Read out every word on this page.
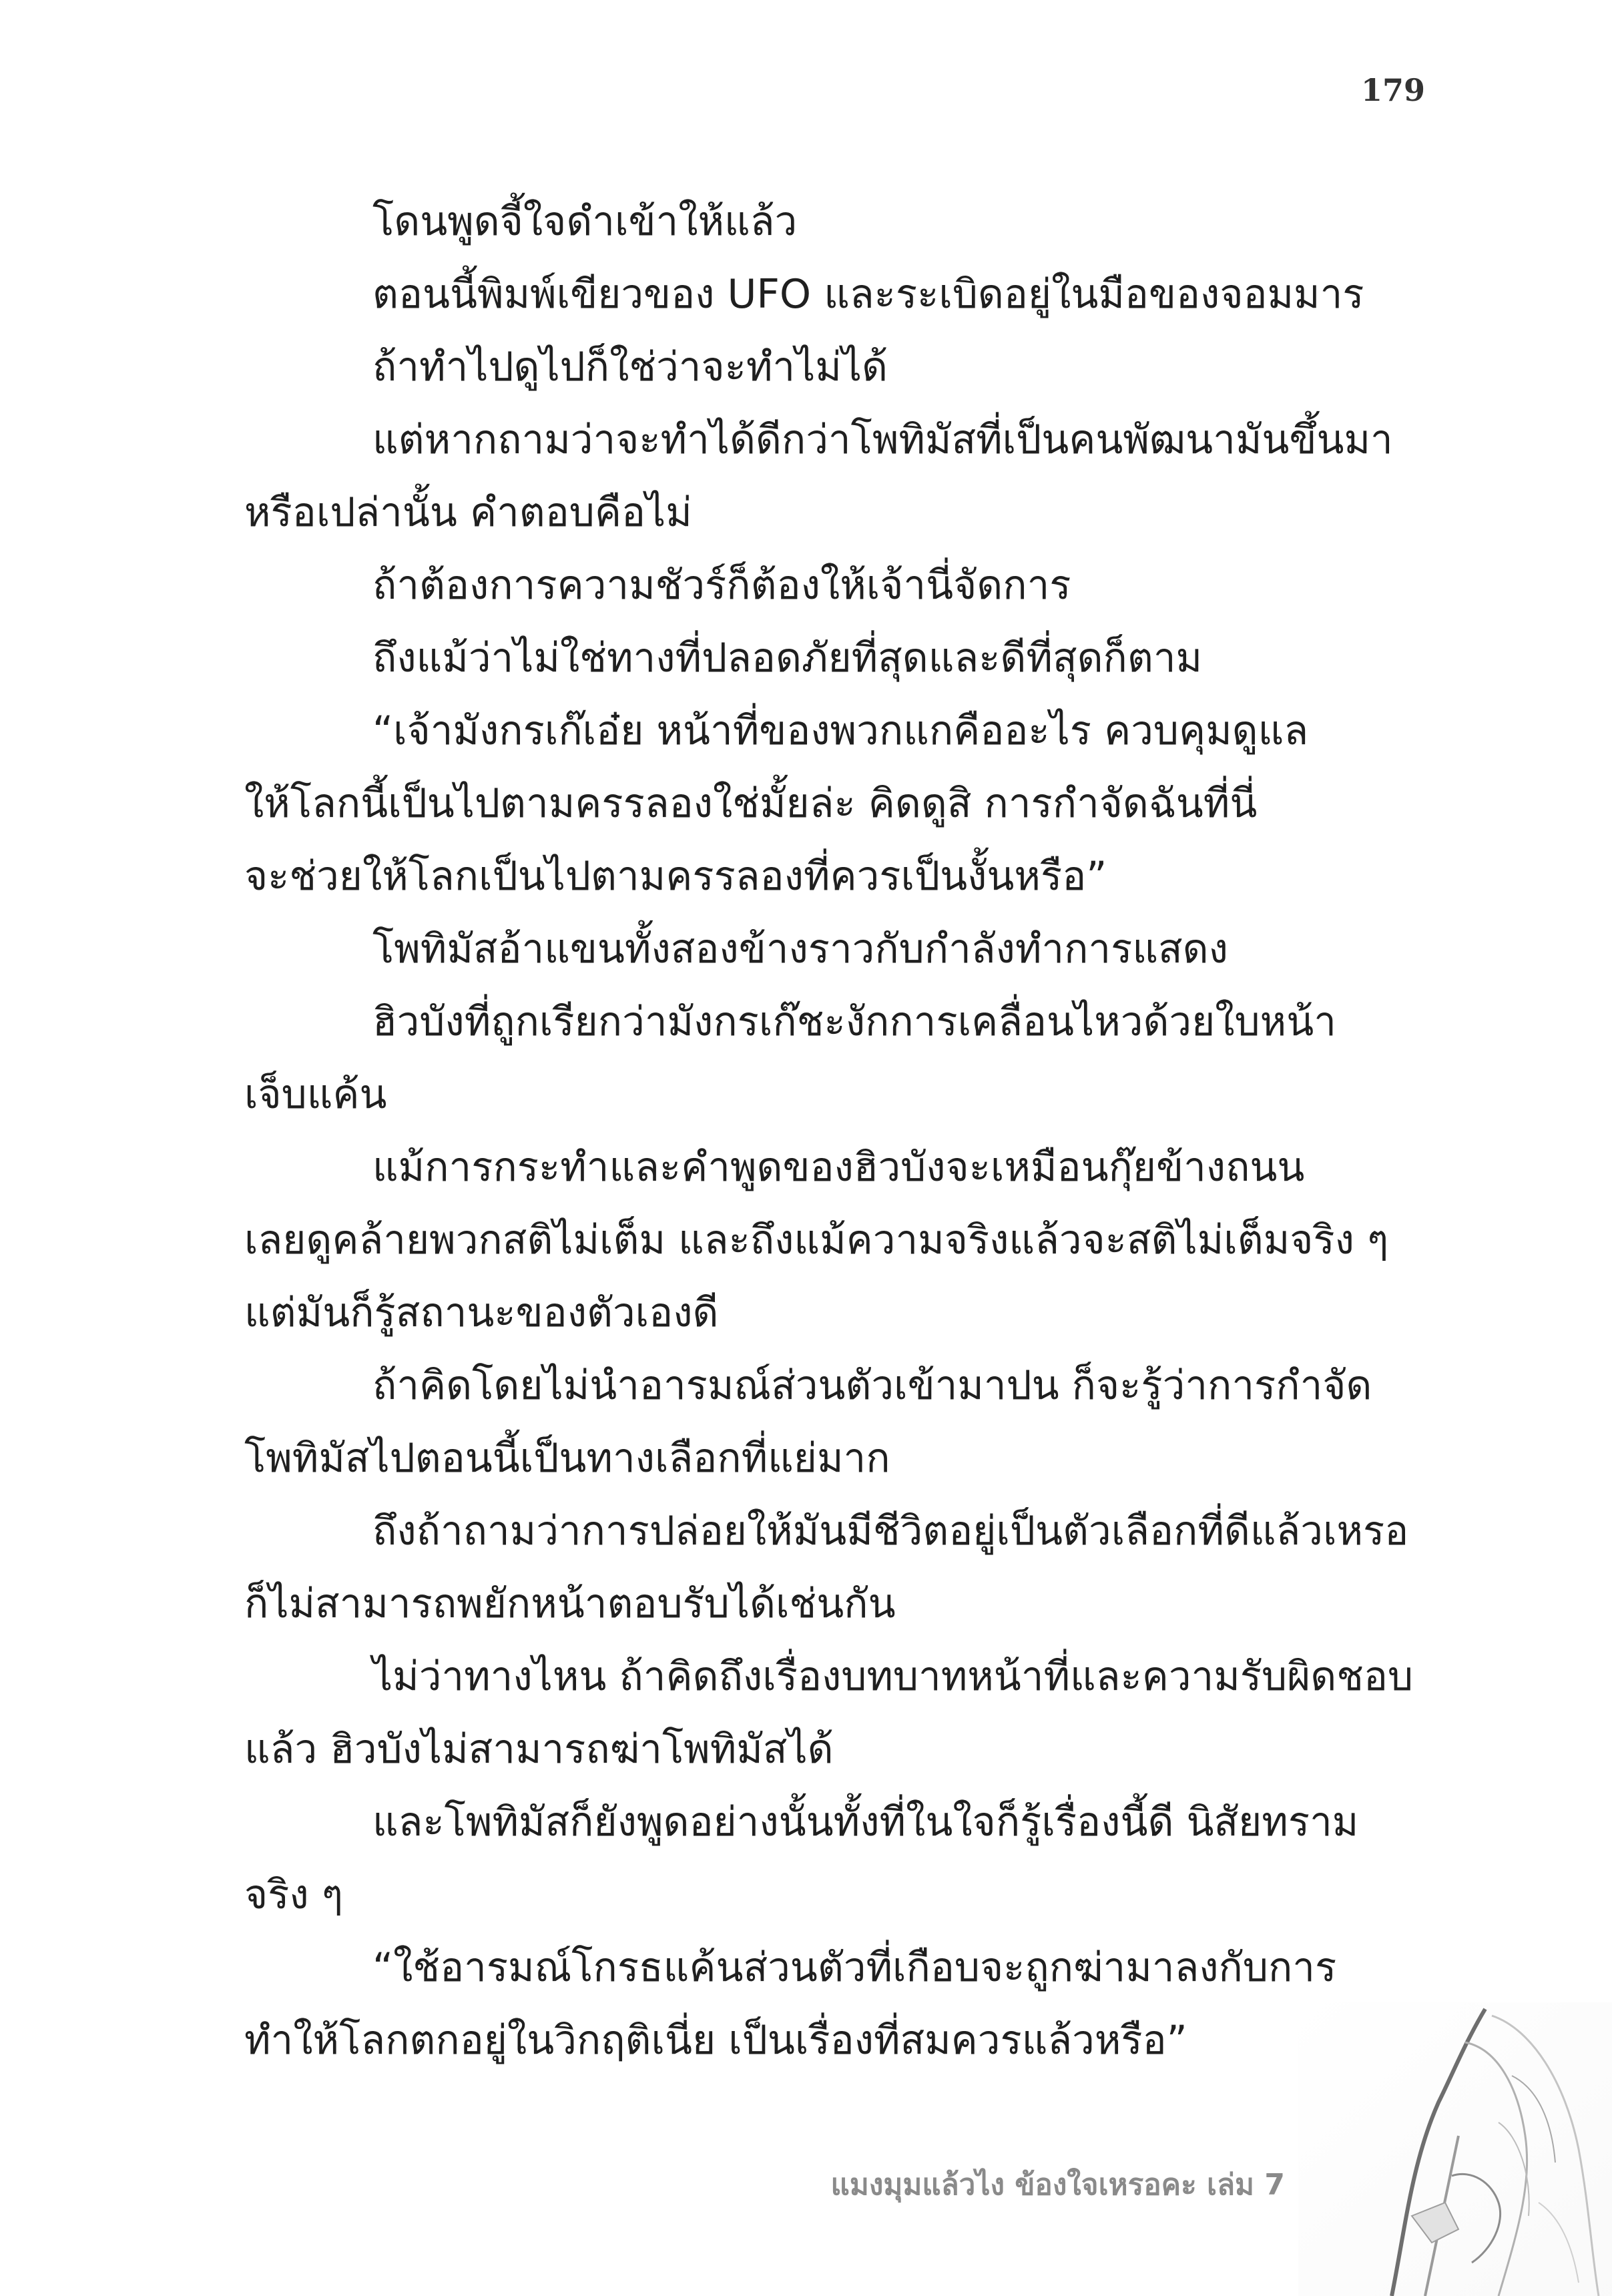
179
โดนพูดจี้ใจดำเข้าให้แล้ว
ตอนนี้พิมพ์เขียวของ UFO และระเบิดอยู่ในมือของจอมมาร
ถ้าทำไปดูไปก็ใช่ว่าจะทำไม่ได้
แต่หากถามว่าจะทำได้ดีกว่าโพทิมัสที่เป็นคนพัฒนามันขึ้นมา
หรือเปล่านั้น คำตอบคือไม่
ถ้าต้องการความชัวร์ก็ต้องให้เจ้านี่จัดการ
ถึงแม้ว่าไม่ใช่ทางที่ปลอดภัยที่สุดและดีที่สุดก็ตาม
“เจ้ามังกรเก๊เอ๋ย หน้าที่ของพวกแกคืออะไร ควบคุมดูแล
ให้โลกนี้เป็นไปตามครรลองใช่มั้ยล่ะ คิดดูสิ การกำจัดฉันที่นี่
จะช่วยให้โลกเป็นไปตามครรลองที่ควรเป็นงั้นหรือ”
โพทิมัสอ้าแขนทั้งสองข้างราวกับกำลังทำการแสดง
ฮิวบังที่ถูกเรียกว่ามังกรเก๊ชะงักการเคลื่อนไหวด้วยใบหน้า
เจ็บแค้น
แม้การกระทำและคำพูดของฮิวบังจะเหมือนกุ๊ยข้างถนน
เลยดูคล้ายพวกสติไม่เต็ม และถึงแม้ความจริงแล้วจะสติไม่เต็มจริง ๆ
แต่มันก็รู้สถานะของตัวเองดี
ถ้าคิดโดยไม่นำอารมณ์ส่วนตัวเข้ามาปน ก็จะรู้ว่าการกำจัด
โพทิมัสไปตอนนี้เป็นทางเลือกที่แย่มาก
ถึงถ้าถามว่าการปล่อยให้มันมีชีวิตอยู่เป็นตัวเลือกที่ดีแล้วเหรอ
ก็ไม่สามารถพยักหน้าตอบรับได้เช่นกัน
ไม่ว่าทางไหน ถ้าคิดถึงเรื่องบทบาทหน้าที่และความรับผิดชอบ
แล้ว ฮิวบังไม่สามารถฆ่าโพทิมัสได้
และโพทิมัสก็ยังพูดอย่างนั้นทั้งที่ในใจก็รู้เรื่องนี้ดี นิสัยทราม
จริง ๆ
“ใช้อารมณ์โกรธแค้นส่วนตัวที่เกือบจะถูกฆ่ามาลงกับการ
ทำให้โลกตกอยู่ในวิกฤติเนี่ย เป็นเรื่องที่สมควรแล้วหรือ”
แมงมุมแล้วไง ข้องใจเหรอคะ เล่ม 7
